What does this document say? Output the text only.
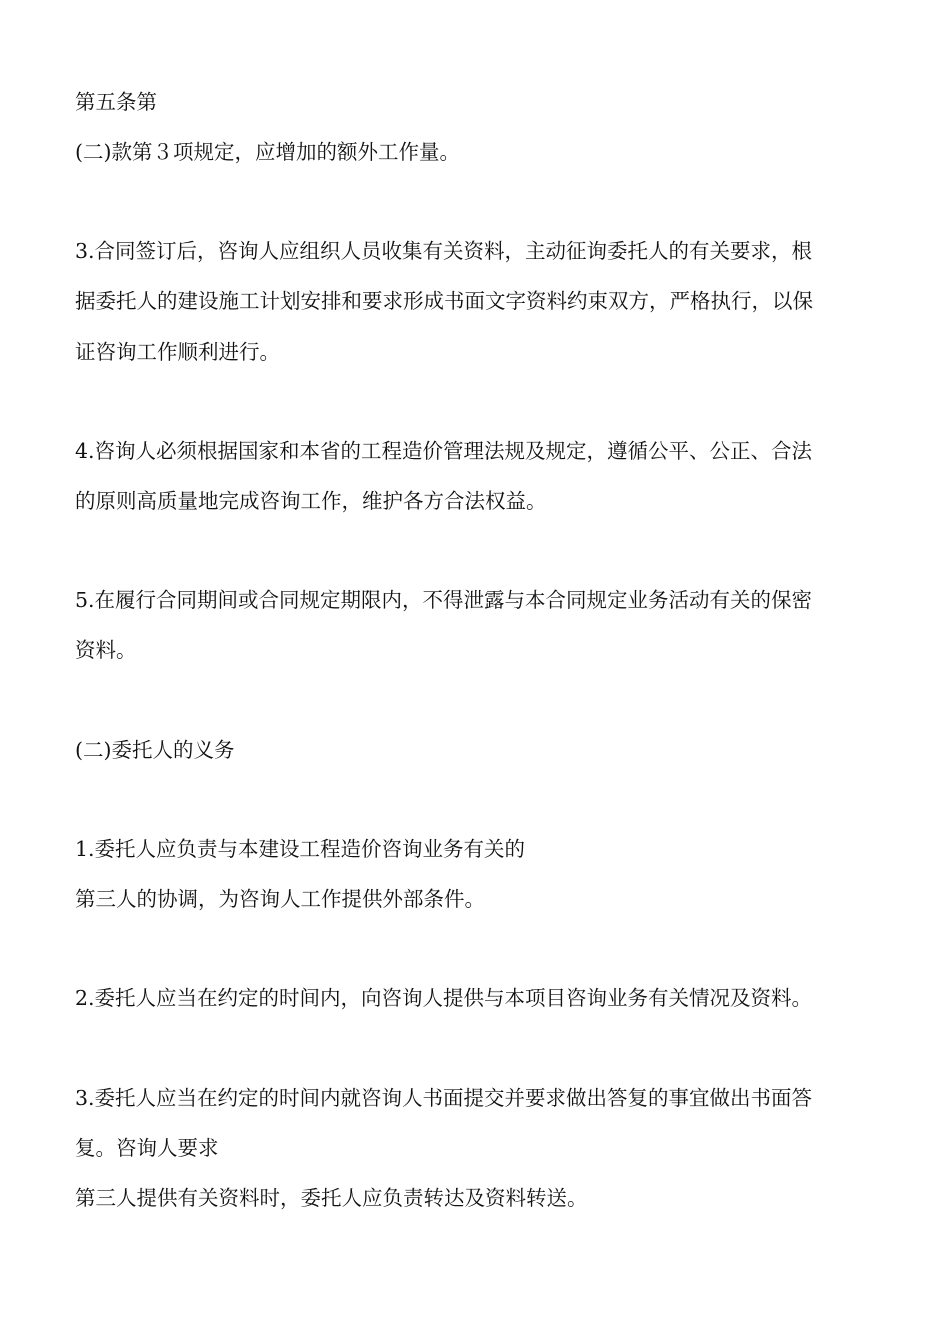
第五条第
(二)款第３项规定，应增加的额外工作量。
3.合同签订后，咨询人应组织人员收集有关资料，主动征询委托人的有关要求，根
据委托人的建设施工计划安排和要求形成书面文字资料约束双方，严格执行，以保
证咨询工作顺利进行。
4.咨询人必须根据国家和本省的工程造价管理法规及规定，遵循公平、公正、合法
的原则高质量地完成咨询工作，维护各方合法权益。
5.在履行合同期间或合同规定期限内，不得泄露与本合同规定业务活动有关的保密
资料。
(二)委托人的义务
1.委托人应负责与本建设工程造价咨询业务有关的
第三人的协调，为咨询人工作提供外部条件。
2.委托人应当在约定的时间内，向咨询人提供与本项目咨询业务有关情况及资料。
3.委托人应当在约定的时间内就咨询人书面提交并要求做出答复的事宜做出书面答
复。咨询人要求
第三人提供有关资料时，委托人应负责转达及资料转送。
